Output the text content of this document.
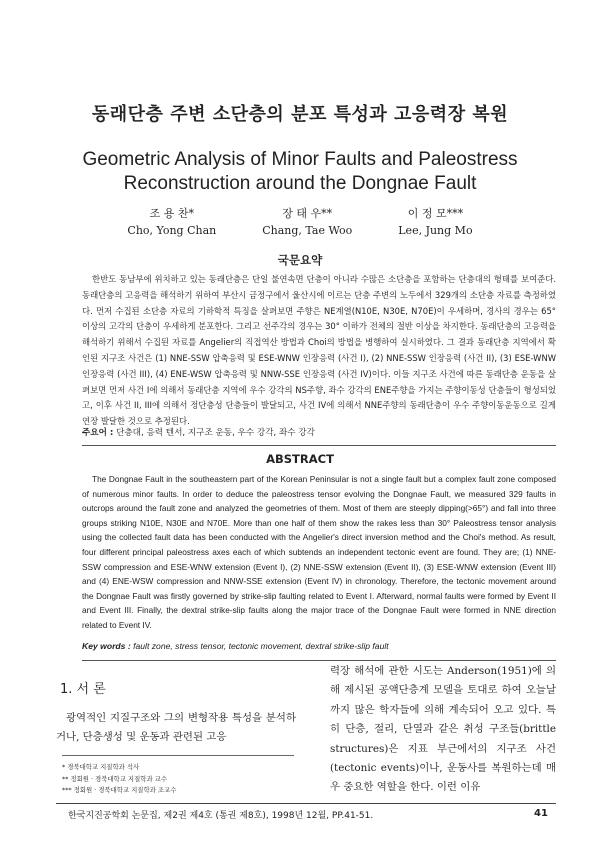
동래단층 주변 소단층의 분포 특성과 고응력장 복원
Geometric Analysis of Minor Faults and Paleostress
Reconstruction around the Dongnae Fault
조 용 찬*
Cho, Yong Chan
장 태 우**
Chang, Tae Woo
이 정 모***
Lee, Jung Mo
국문요약
한반도 동남부에 위치하고 있는 동래단층은 단일 불연속면 단층이 아니라 수많은 소단층을 포함하는 단층대의 형태를 보여준다. 동래단층의 고응력을 해석하기 위하여 부산시 금정구에서 울산시에 이르는 단층 주변의 노두에서 329개의 소단층 자료를 측정하였다. 먼저 수집된 소단층 자료의 기하학적 특징을 살펴보면 주향은 NE계열(N10E, N30E, N70E)이 우세하며, 경사의 경우는 65° 이상의 고각의 단층이 우세하게 분포한다. 그리고 선주각의 경우는 30° 이하가 전체의 절반 이상을 차지한다. 동래단층의 고응력을 해석하기 위해서 수집된 자료를 Angelier의 직접역산 방법과 Choi의 방법을 병행하여 실시하였다. 그 결과 동래단층 지역에서 확인된 지구조 사건은 (1) NNE-SSW 압축응력 및 ESE-WNW 인장응력 (사건 I), (2) NNE-SSW 인장응력 (사건 II), (3) ESE-WNW 인장응력 (사건 III), (4) ENE-WSW 압축응력 및 NNW-SSE 인장응력 (사건 IV)이다. 이들 지구조 사건에 따른 동래단층 운동을 살펴보면 먼저 사건 I에 의해서 동래단층 지역에 우수 강각의 NS주향, 좌수 강각의 ENE주향을 가지는 주향이동성 단층들이 형성되었고, 이후 사건 II, III에 의해서 정단층성 단층들이 발달되고, 사건 IV에 의해서 NNE주향의 동래단층이 우수 주향이동운동으로 길게 연장 발달한 것으로 추정된다.
주요어 : 단층대, 응력 텐서, 지구조 운동, 우수 강각, 좌수 강각
ABSTRACT
The Dongnae Fault in the southeastern part of the Korean Peninsular is not a single fault but a complex fault zone composed of numerous minor faults. In order to deduce the paleostress tensor evolving the Dongnae Fault, we measured 329 faults in outcrops around the fault zone and analyzed the geometries of them. Most of them are steeply dipping(>65°) and fall into three groups striking N10E, N30E and N70E. More than one half of them show the rakes less than 30° Paleostress tensor analysis using the collected fault data has been conducted with the Angelier's direct inversion method and the Choi's method. As result, four different principal paleostress axes each of which subtends an independent tectonic event are found. They are; (1) NNE-SSW compression and ESE-WNW extension (Event I), (2) NNE-SSW extension (Event II), (3) ESE-WNW extension (Event III) and (4) ENE-WSW compression and NNW-SSE extension (Event IV) in chronology. Therefore, the tectonic movement around the Dongnae Fault was firstly governed by strike-slip faulting related to Event I. Afterward, normal faults were formed by Event II and Event III. Finally, the dextral strike-slip faults along the major trace of the Dongnae Fault were formed in NNE direction related to Event IV.
Key words : fault zone, stress tensor, tectonic movement, dextral strike-slip fault
1. 서 론
광역적인 지질구조와 그의 변형작용 특성을 분석하거나, 단층생성 및 운동과 관련된 고응
력장 해석에 관한 시도는 Anderson(1951)에 의해 제시된 공액단층계 모델을 토대로 하여 오늘날까지 많은 학자들에 의해 계속되어 오고 있다. 특히 단층, 절리, 단열과 같은 취성 구조들(brittle structures)은 지표 부근에서의 지구조 사건(tectonic events)이나, 운동사를 복원하는데 매우 중요한 역할을 한다. 이런 이유
* 경북대학교 지질학과 석사
** 정회원 · 경북대학교 지질학과 교수
*** 정회원 · 경북대학교 지질학과 조교수
한국지진공학회 논문집, 제2권 제4호 (통권 제8호), 1998년 12월, PP.41-51.	41
